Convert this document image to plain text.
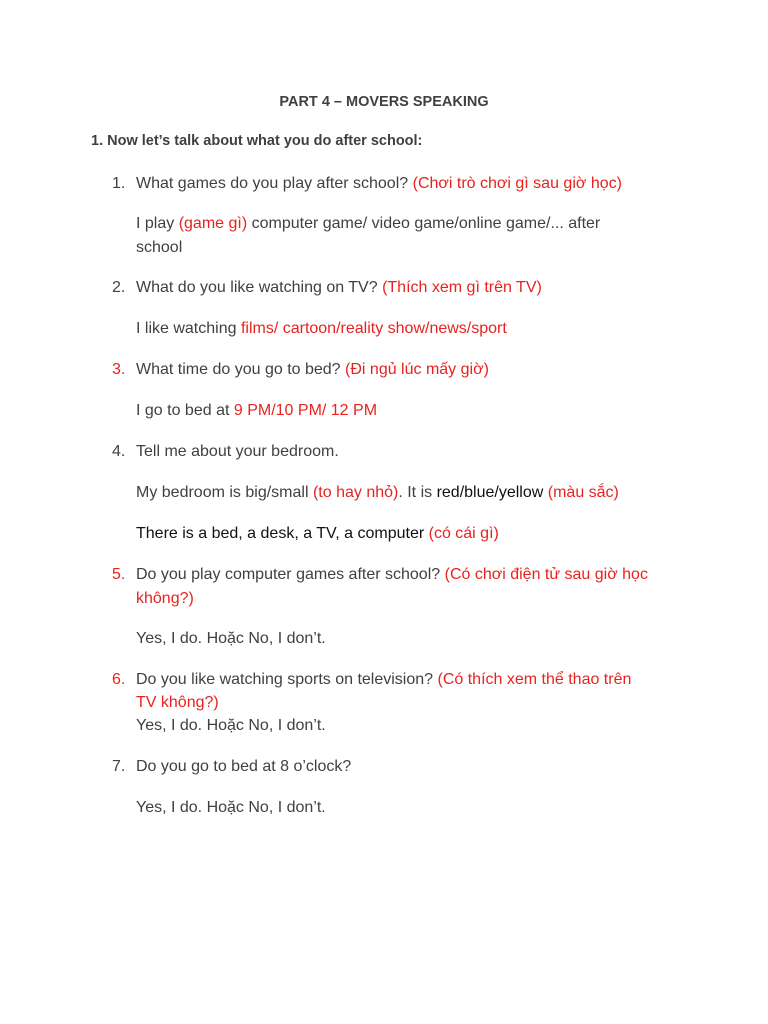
PART 4 – MOVERS SPEAKING
1. Now let’s talk about what you do after school:
1. What games do you play after school? (Chơi trò chơi gì sau giờ học)
I play (game gì) computer game/ video game/online game/... after
school
2. What do you like watching on TV? (Thích xem gì trên TV)
I like watching films/ cartoon/reality show/news/sport
3. What time do you go to bed? (Đi ngủ lúc mấy giờ)
I go to bed at 9 PM/10 PM/ 12 PM
4. Tell me about your bedroom.
My bedroom is big/small (to hay nhỏ). It is red/blue/yellow (màu sắc)
There is a bed, a desk, a TV, a computer (có cái gì)
5. Do you play computer games after school? (Có chơi điện tử sau giờ học
không?)
Yes, I do. Hoặc No, I don’t.
6. Do you like watching sports on television? (Có thích xem thể thao trên
TV không?)
Yes, I do. Hoặc No, I don’t.
7. Do you go to bed at 8 o’clock?
Yes, I do. Hoặc No, I don’t.
